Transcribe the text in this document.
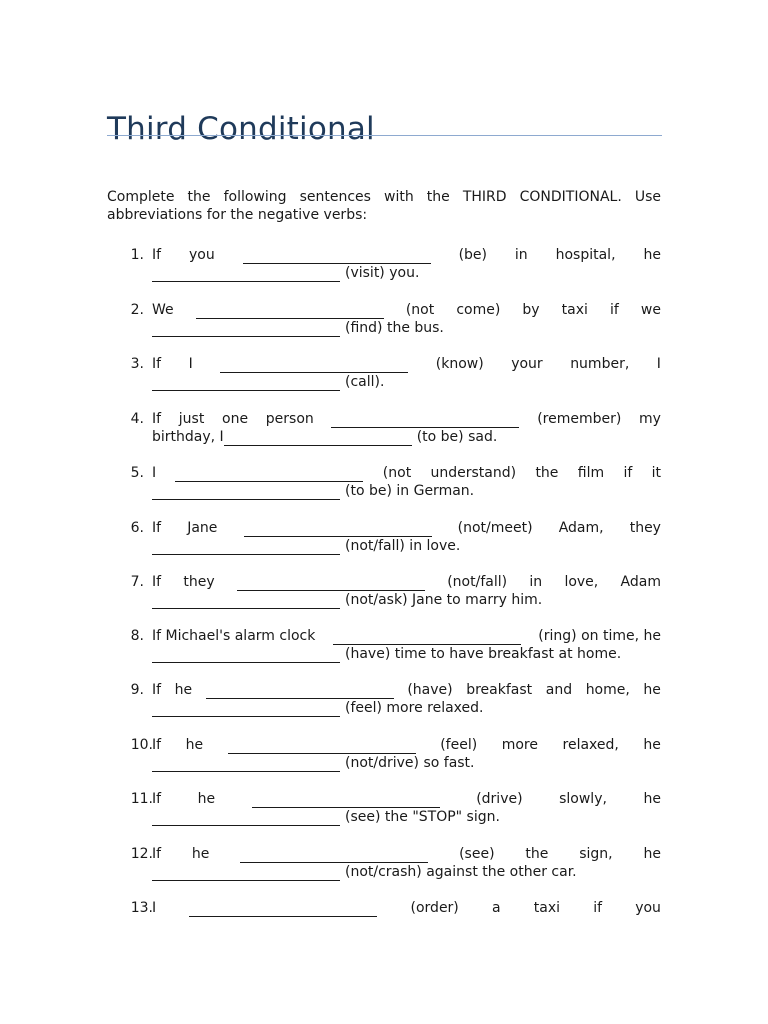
Third Conditional

Complete the following sentences with the THIRD CONDITIONAL. Use abbreviations for the negative verbs:

1. If you	(be) in hospital, he
(visit) you.
2. We	(not come) by taxi if we
(find) the bus.
3. If I	(know) your number, I
(call).
4. If just one person	(remember) my
birthday, I	(to be) sad.
5. I	(not understand) the film if it
(to be) in German.
6. If Jane	(not/meet) Adam, they
(not/fall) in love.
7. If they	(not/fall) in love, Adam
(not/ask) Jane to marry him.
8. If Michael's alarm clock	(ring) on time, he
(have) time to have breakfast at home.
9. If he	(have) breakfast and home, he
(feel) more relaxed.
10. If he	(feel) more relaxed, he
(not/drive) so fast.
11. If	he	(drive)	slowly,	he
(see) the "STOP" sign.
12. If he	(see) the sign, he
(not/crash) against the other car.
13. I	(order) a taxi if you
